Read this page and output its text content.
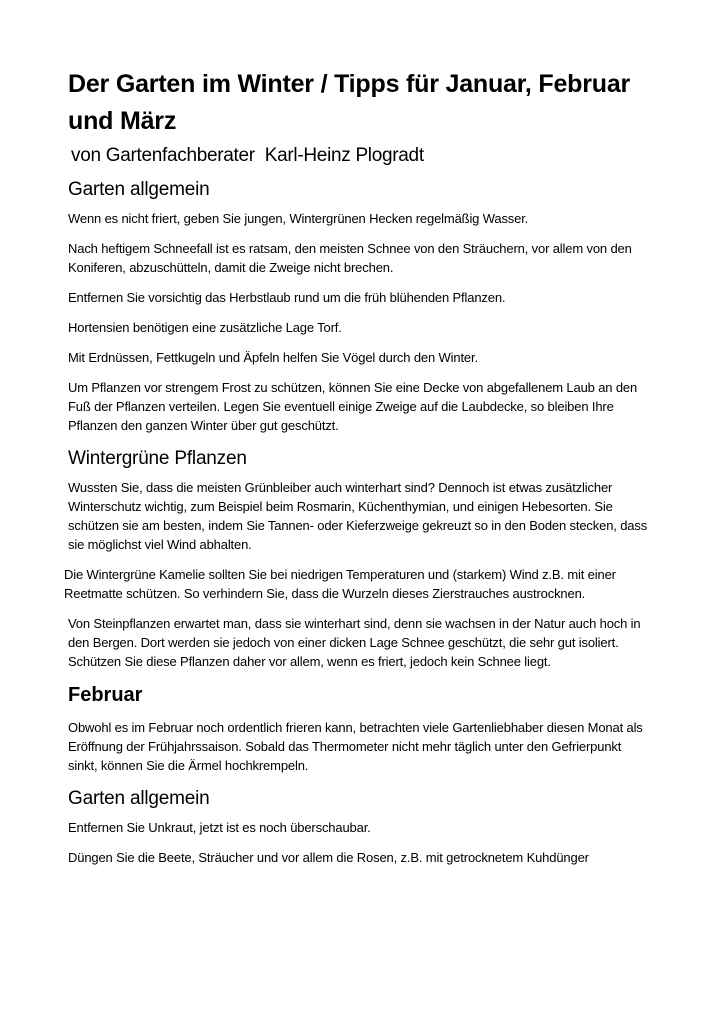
Der Garten im Winter / Tipps für Januar, Februar und März
von Gartenfachberater  Karl-Heinz Plogradt
Garten allgemein

Wenn es nicht friert, geben Sie jungen, Wintergrünen Hecken regelmäßig Wasser.

Nach heftigem Schneefall ist es ratsam, den meisten Schnee von den Sträuchern, vor allem von den Koniferen, abzuschütteln, damit die Zweige nicht brechen.

Entfernen Sie vorsichtig das Herbstlaub rund um die früh blühenden Pflanzen.

Hortensien benötigen eine zusätzliche Lage Torf.

Mit Erdnüssen, Fettkugeln und Äpfeln helfen Sie Vögel durch den Winter.

Um Pflanzen vor strengem Frost zu schützen, können Sie eine Decke von abgefallenem Laub an den Fuß der Pflanzen verteilen. Legen Sie eventuell einige Zweige auf die Laubdecke, so bleiben Ihre Pflanzen den ganzen Winter über gut geschützt.

Wintergrüne Pflanzen

Wussten Sie, dass die meisten Grünbleiber auch winterhart sind? Dennoch ist etwas zusätzlicher Winterschutz wichtig, zum Beispiel beim Rosmarin, Küchenthymian, und einigen Hebesorten. Sie schützen sie am besten, indem Sie Tannen- oder Kieferzweige gekreuzt so in den Boden stecken, dass sie möglichst viel Wind abhalten.

Die Wintergrüne Kamelie sollten Sie bei niedrigen Temperaturen und (starkem) Wind z.B. mit einer Reetmatte schützen. So verhindern Sie, dass die Wurzeln dieses Zierstrauches austrocknen.

Von Steinpflanzen erwartet man, dass sie winterhart sind, denn sie wachsen in der Natur auch hoch in den Bergen. Dort werden sie jedoch von einer dicken Lage Schnee geschützt, die sehr gut isoliert. Schützen Sie diese Pflanzen daher vor allem, wenn es friert, jedoch kein Schnee liegt.

Februar

Obwohl es im Februar noch ordentlich frieren kann, betrachten viele Gartenliebhaber diesen Monat als Eröffnung der Frühjahrssaison. Sobald das Thermometer nicht mehr täglich unter den Gefrierpunkt sinkt, können Sie die Ärmel hochkrempeln.

Garten allgemein

Entfernen Sie Unkraut, jetzt ist es noch überschaubar.

Düngen Sie die Beete, Sträucher und vor allem die Rosen, z.B. mit getrocknetem Kuhdünger
